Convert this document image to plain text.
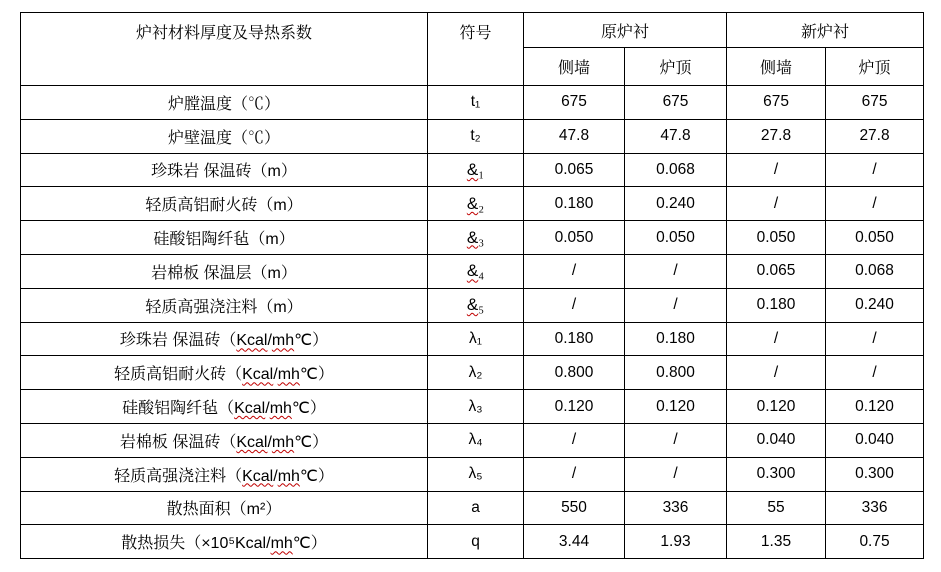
炉衬材料厚度及导热系数	符号	原炉衬		新炉衬	
		侧墙	炉顶	侧墙	炉顶
炉膛温度（℃）	t₁	675	675	675	675
炉壁温度（℃）	t₂	47.8	47.8	27.8	27.8
珍珠岩 保温砖（m）	&₁	0.065	0.068	/	/
轻质高铝耐火砖（m）	&₂	0.180	0.240	/	/
硅酸铝陶纤毡（m）	&₃	0.050	0.050	0.050	0.050
岩棉板 保温层（m）	&₄	/	/	0.065	0.068
轻质高强浇注料（m）	&₅	/	/	0.180	0.240
珍珠岩 保温砖（Kcal/mh℃）	λ₁	0.180	0.180	/	/
轻质高铝耐火砖（Kcal/mh℃）	λ₂	0.800	0.800	/	/
硅酸铝陶纤毡（Kcal/mh℃）	λ₃	0.120	0.120	0.120	0.120
岩棉板 保温砖（Kcal/mh℃）	λ₄	/	/	0.040	0.040
轻质高强浇注料（Kcal/mh℃）	λ₅	/	/	0.300	0.300
散热面积（m²）	a	550	336	55	336
散热损失（×10⁵Kcal/mh℃）	q	3.44	1.93	1.35	0.75
